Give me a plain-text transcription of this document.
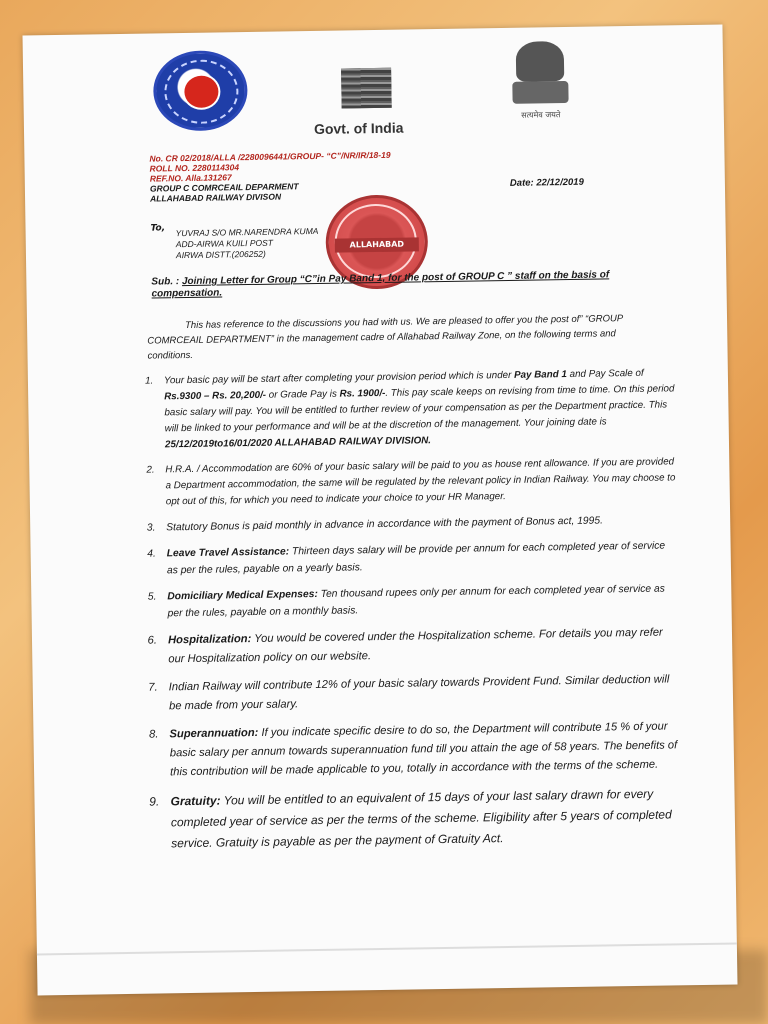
सत्यमेव जयते
Govt. of India
No. CR 02/2018/ALLA /2280096441/GROUP- “C”/NR/IR/18-19
ROLL NO. 2280114304
REF.NO. Alla.131267
GROUP C COMRCEAIL DEPARMENT
ALLAHABAD RAILWAY DIVISON
Date: 22/12/2019
To, YUVRAJ S/O MR.NARENDRA KUMA
ADD-AIRWA KUILI POST
AIRWA DISTT.(206252)
ALLAHABAD
Sub. : Joining Letter for Group “C”in Pay Band 1, for the post of GROUP C ” staff on the basis of compensation.
This has reference to the discussions you had with us. We are pleased to offer you the post of” “GROUP COMRCEAIL DEPARTMENT” in the management cadre of Allahabad Railway Zone, on the following terms and conditions.
1. Your basic pay will be start after completing your provision period which is under Pay Band 1 and Pay Scale of Rs.9300 – Rs. 20,200/- or Grade Pay is Rs. 1900/-. This pay scale keeps on revising from time to time. On this period basic salary will pay. You will be entitled to further review of your compensation as per the Department practice. This will be linked to your performance and will be at the discretion of the management. Your joining date is 25/12/2019to16/01/2020 ALLAHABAD RAILWAY DIVISION.
2. H.R.A. / Accommodation are 60% of your basic salary will be paid to you as house rent allowance. If you are provided a Department accommodation, the same will be regulated by the relevant policy in Indian Railway. You may choose to opt out of this, for which you need to indicate your choice to your HR Manager.
3. Statutory Bonus is paid monthly in advance in accordance with the payment of Bonus act, 1995.
4. Leave Travel Assistance: Thirteen days salary will be provide per annum for each completed year of service as per the rules, payable on a yearly basis.
5. Domiciliary Medical Expenses: Ten thousand rupees only per annum for each completed year of service as per the rules, payable on a monthly basis.
6. Hospitalization: You would be covered under the Hospitalization scheme. For details you may refer our Hospitalization policy on our website.
7. Indian Railway will contribute 12% of your basic salary towards Provident Fund. Similar deduction will be made from your salary.
8. Superannuation: If you indicate specific desire to do so, the Department will contribute 15 % of your basic salary per annum towards superannuation fund till you attain the age of 58 years. The benefits of this contribution will be made applicable to you, totally in accordance with the terms of the scheme.
9. Gratuity: You will be entitled to an equivalent of 15 days of your last salary drawn for every completed year of service as per the terms of the scheme. Eligibility after 5 years of completed service. Gratuity is payable as per the payment of Gratuity Act.
